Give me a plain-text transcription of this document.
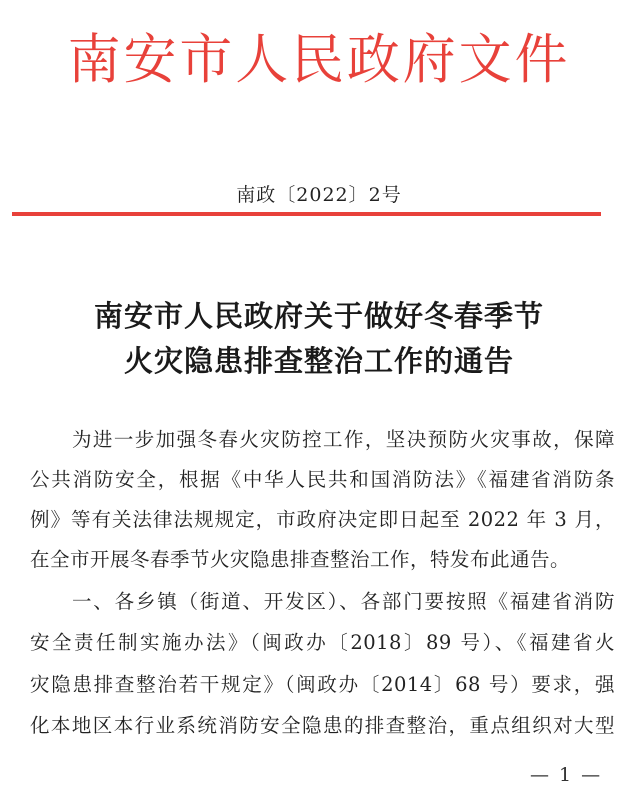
南安市人民政府文件
南政〔2022〕2号
南安市人民政府关于做好冬春季节
火灾隐患排查整治工作的通告
为进一步加强冬春火灾防控工作，坚决预防火灾事故，保障
公共消防安全，根据《中华人民共和国消防法》《福建省消防条
例》等有关法律法规规定，市政府决定即日起至 2022 年 3 月，
在全市开展冬春季节火灾隐患排查整治工作，特发布此通告。
一、各乡镇（街道、开发区）、各部门要按照《福建省消防
安全责任制实施办法》（闽政办〔2018〕89 号）、《福建省火
灾隐患排查整治若干规定》（闽政办〔2014〕68 号）要求，强
化本地区本行业系统消防安全隐患的排查整治，重点组织对大型
— 1 —
